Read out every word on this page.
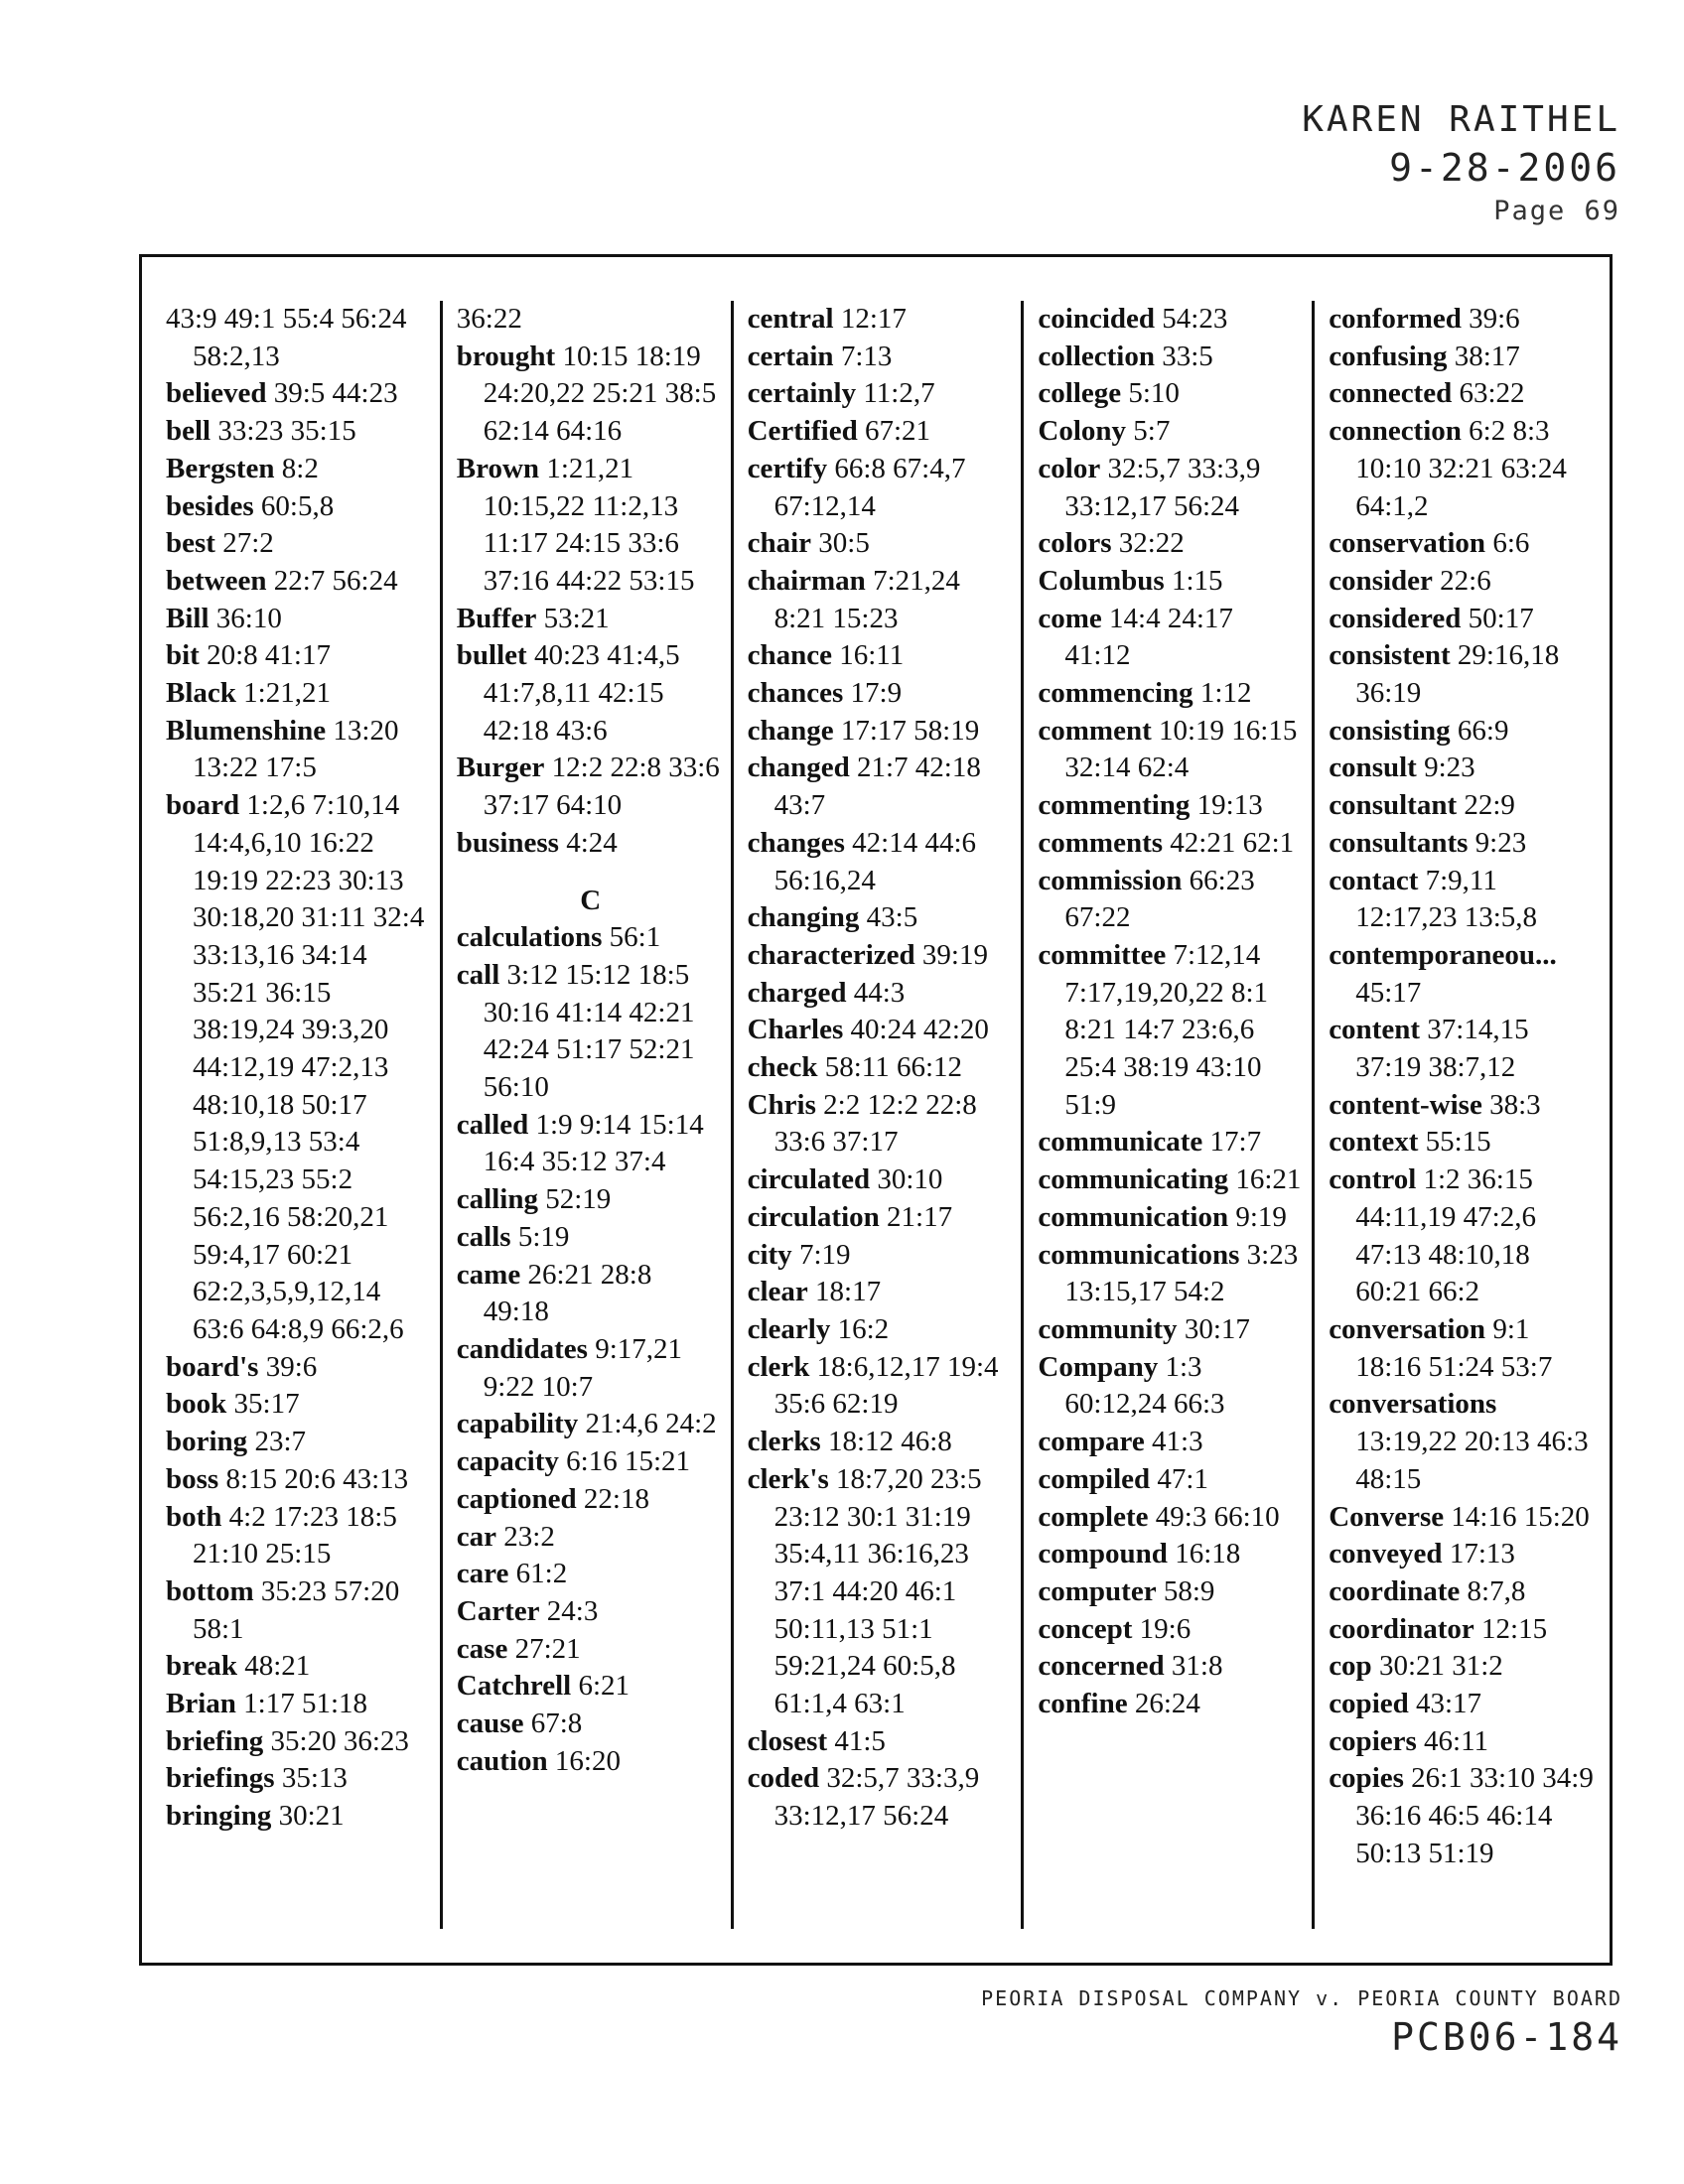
KAREN RAITHEL
9-28-2006
Page 69
43:9 49:1 55:4 56:24 58:2,13
believed 39:5 44:23
bell 33:23 35:15
Bergsten 8:2
besides 60:5,8
best 27:2
between 22:7 56:24
Bill 36:10
bit 20:8 41:17
Black 1:21,21
Blumenshine 13:20 13:22 17:5
board 1:2,6 7:10,14 14:4,6,10 16:22 19:19 22:23 30:13 30:18,20 31:11 32:4 33:13,16 34:14 35:21 36:15 38:19,24 39:3,20 44:12,19 47:2,13 48:10,18 50:17 51:8,9,13 53:4 54:15,23 55:2 56:2,16 58:20,21 59:4,17 60:21 62:2,3,5,9,12,14 63:6 64:8,9 66:2,6
board's 39:6
book 35:17
boring 23:7
boss 8:15 20:6 43:13
both 4:2 17:23 18:5 21:10 25:15
bottom 35:23 57:20 58:1
break 48:21
Brian 1:17 51:18
briefing 35:20 36:23
briefings 35:13
bringing 30:21
36:22
brought 10:15 18:19 24:20,22 25:21 38:5 62:14 64:16
Brown 1:21,21 10:15,22 11:2,13 11:17 24:15 33:6 37:16 44:22 53:15
Buffer 53:21
bullet 40:23 41:4,5 41:7,8,11 42:15 42:18 43:6
Burger 12:2 22:8 33:6 37:17 64:10
business 4:24
C
calculations 56:1
call 3:12 15:12 18:5 30:16 41:14 42:21 42:24 51:17 52:21 56:10
called 1:9 9:14 15:14 16:4 35:12 37:4
calling 52:19
calls 5:19
came 26:21 28:8 49:18
candidates 9:17,21 9:22 10:7
capability 21:4,6 24:2
capacity 6:16 15:21
captioned 22:18
car 23:2
care 61:2
Carter 24:3
case 27:21
Catchrell 6:21
cause 67:8
caution 16:20
central 12:17
certain 7:13
certainly 11:2,7
Certified 67:21
certify 66:8 67:4,7 67:12,14
chair 30:5
chairman 7:21,24 8:21 15:23
chance 16:11
chances 17:9
change 17:17 58:19
changed 21:7 42:18 43:7
changes 42:14 44:6 56:16,24
changing 43:5
characterized 39:19
charged 44:3
Charles 40:24 42:20
check 58:11 66:12
Chris 2:2 12:2 22:8 33:6 37:17
circulated 30:10
circulation 21:17
city 7:19
clear 18:17
clearly 16:2
clerk 18:6,12,17 19:4 35:6 62:19
clerks 18:12 46:8
clerk's 18:7,20 23:5 23:12 30:1 31:19 35:4,11 36:16,23 37:1 44:20 46:1 50:11,13 51:1 59:21,24 60:5,8 61:1,4 63:1
closest 41:5
coded 32:5,7 33:3,9 33:12,17 56:24
coincided 54:23
collection 33:5
college 5:10
Colony 5:7
color 32:5,7 33:3,9 33:12,17 56:24
colors 32:22
Columbus 1:15
come 14:4 24:17 41:12
commencing 1:12
comment 10:19 16:15 32:14 62:4
commenting 19:13
comments 42:21 62:1
commission 66:23 67:22
committee 7:12,14 7:17,19,20,22 8:1 8:21 14:7 23:6,6 25:4 38:19 43:10 51:9
communicate 17:7
communicating 16:21
communication 9:19
communications 3:23 13:15,17 54:2
community 30:17
Company 1:3 60:12,24 66:3
compare 41:3
compiled 47:1
complete 49:3 66:10
compound 16:18
computer 58:9
concept 19:6
concerned 31:8
confine 26:24
conformed 39:6
confusing 38:17
connected 63:22
connection 6:2 8:3 10:10 32:21 63:24 64:1,2
conservation 6:6
consider 22:6
considered 50:17
consistent 29:16,18 36:19
consisting 66:9
consult 9:23
consultant 22:9
consultants 9:23
contact 7:9,11 12:17,23 13:5,8
contemporaneou... 45:17
content 37:14,15 37:19 38:7,12
content-wise 38:3
context 55:15
control 1:2 36:15 44:11,19 47:2,6 47:13 48:10,18 60:21 66:2
conversation 9:1 18:16 51:24 53:7
conversations 13:19,22 20:13 46:3 48:15
Converse 14:16 15:20
conveyed 17:13
coordinate 8:7,8
coordinator 12:15
cop 30:21 31:2
copied 43:17
copiers 46:11
copies 26:1 33:10 34:9 36:16 46:5 46:14 50:13 51:19
PEORIA DISPOSAL COMPANY v. PEORIA COUNTY BOARD
PCB06-184
